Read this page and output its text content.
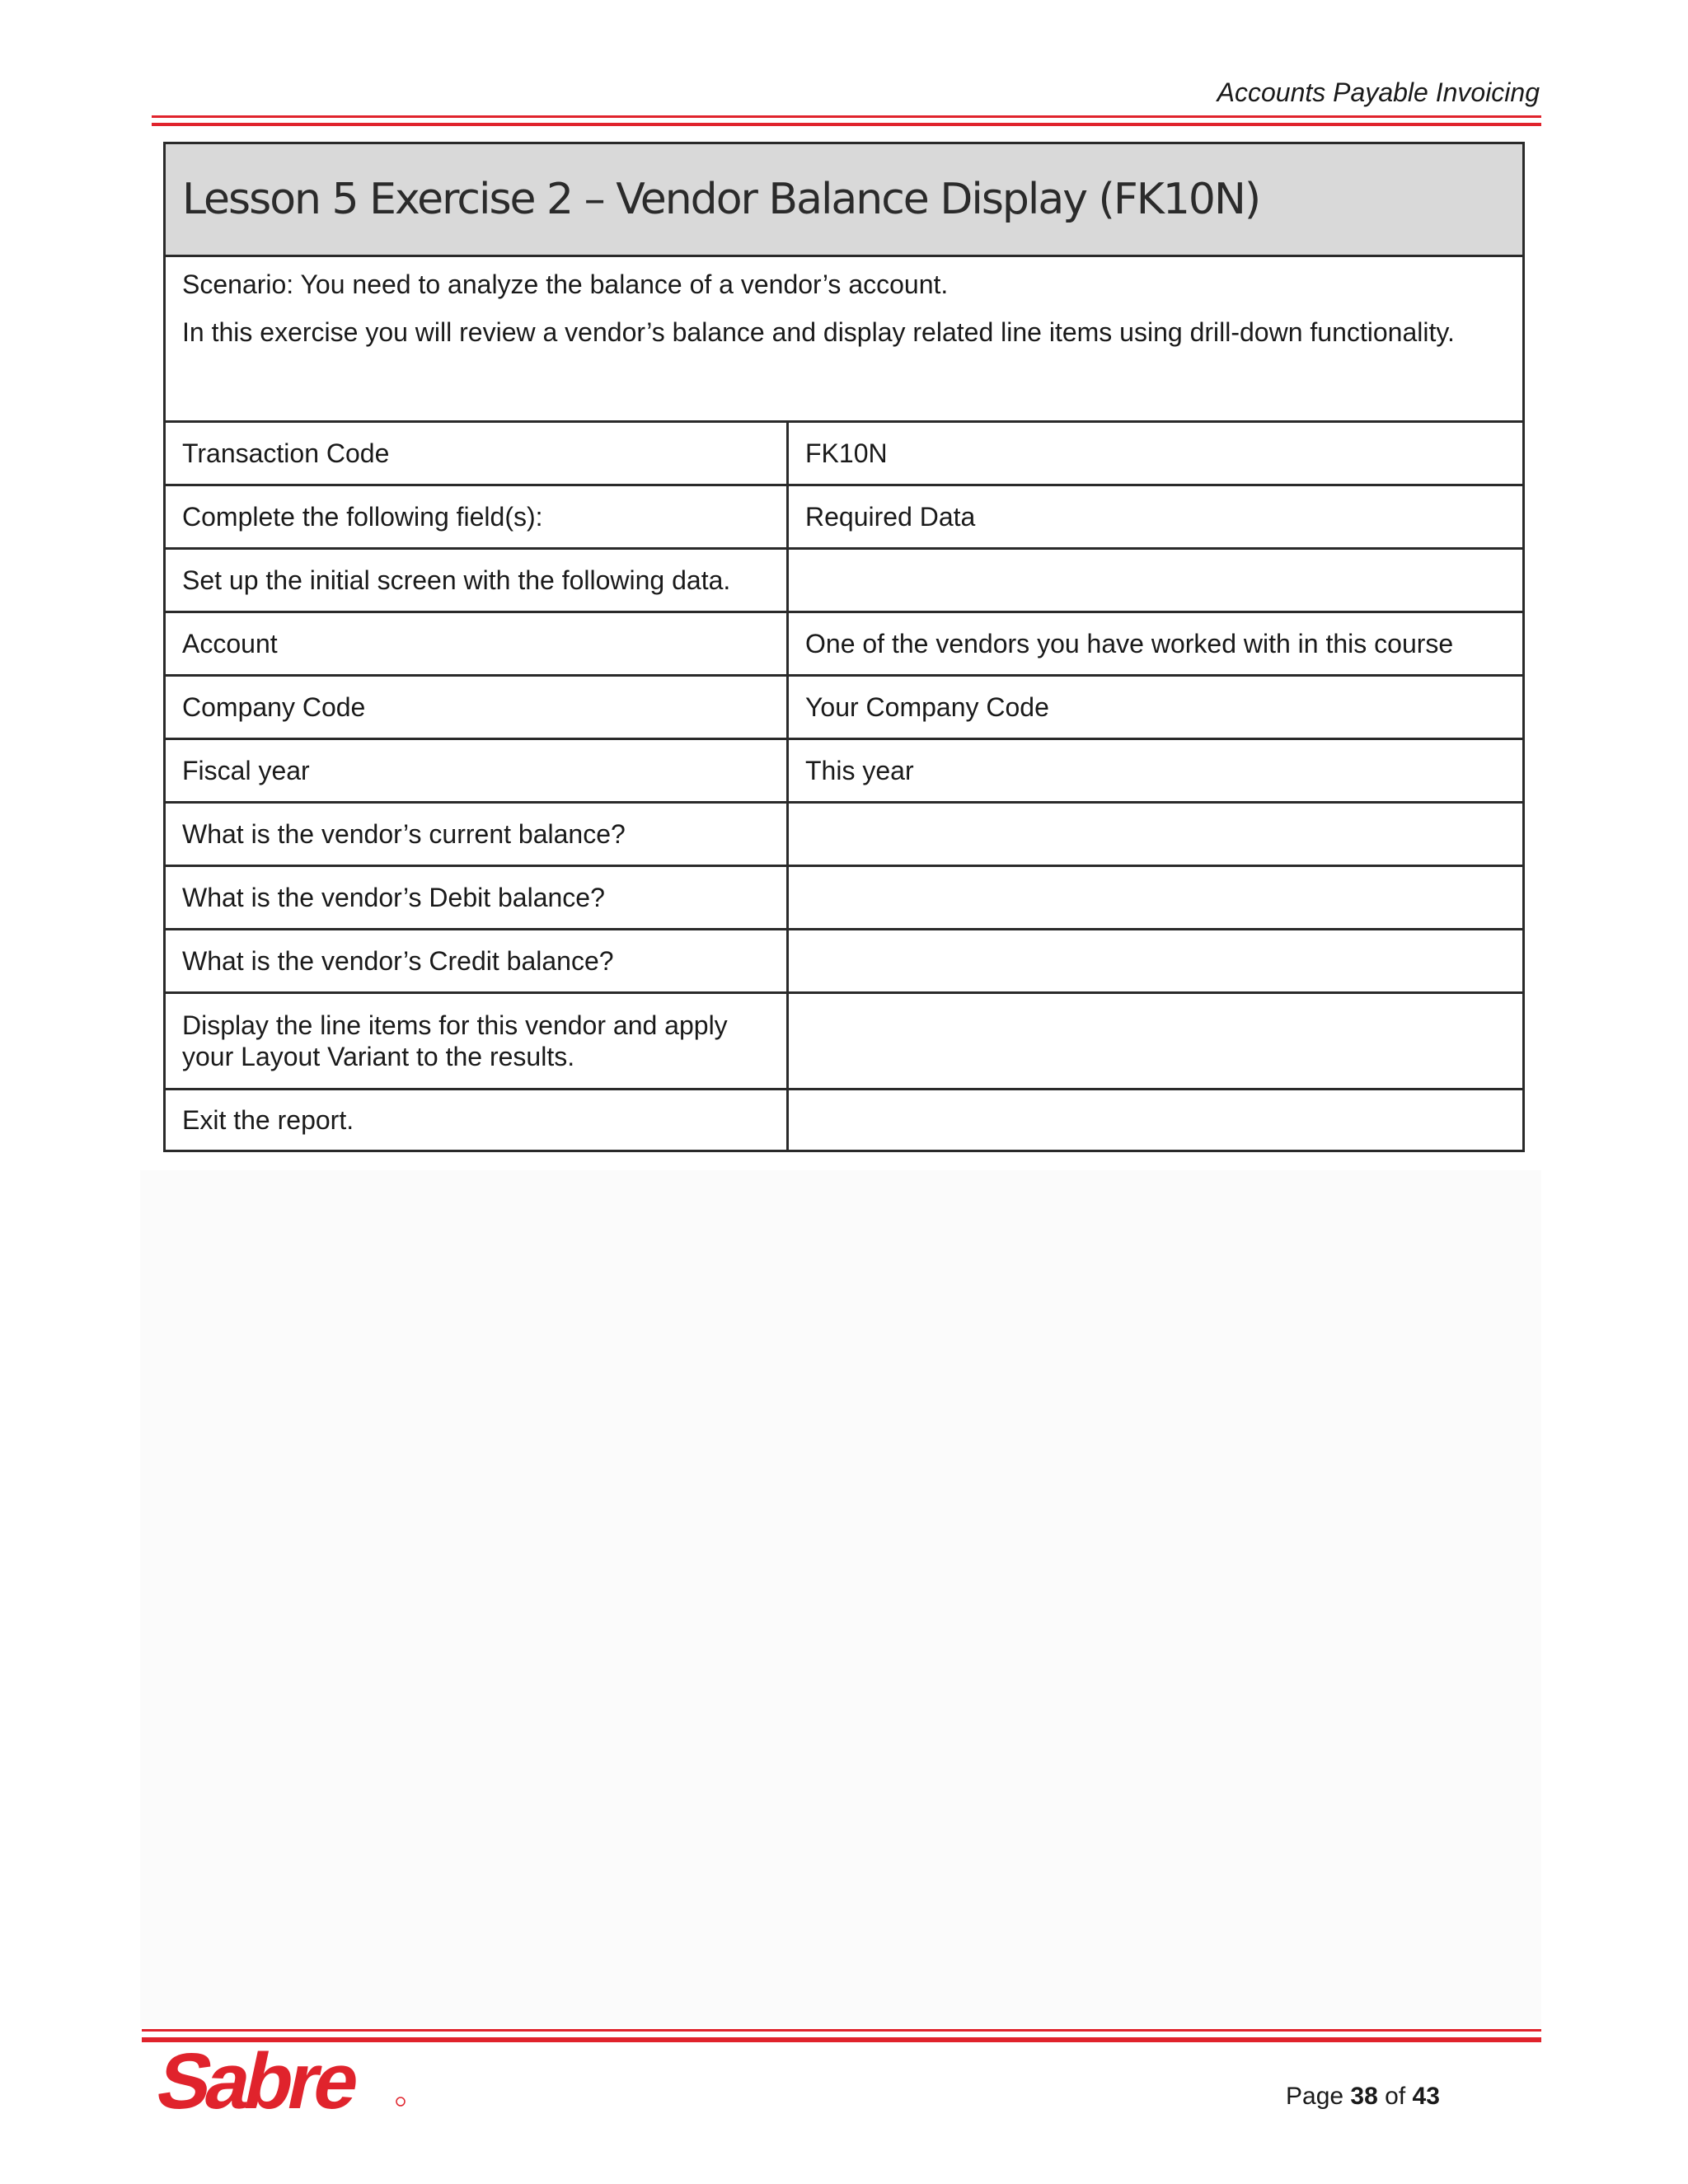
Accounts Payable Invoicing
Lesson 5 Exercise 2 – Vendor Balance Display (FK10N)	

Scenario: You need to analyze the balance of a vendor’s account.

In this exercise you will review a vendor’s balance and display related line items using drill-down functionality.	

Transaction Code	FK10N
Complete the following field(s):	Required Data
Set up the initial screen with the following data.	
Account	One of the vendors you have worked with in this course
Company Code	Your Company Code
Fiscal year	This year
What is the vendor’s current balance?	
What is the vendor’s Debit balance?	
What is the vendor’s Credit balance?	
Display the line items for this vendor and apply your Layout Variant to the results.	
Exit the report.	
Sabre	Page 38 of 43
